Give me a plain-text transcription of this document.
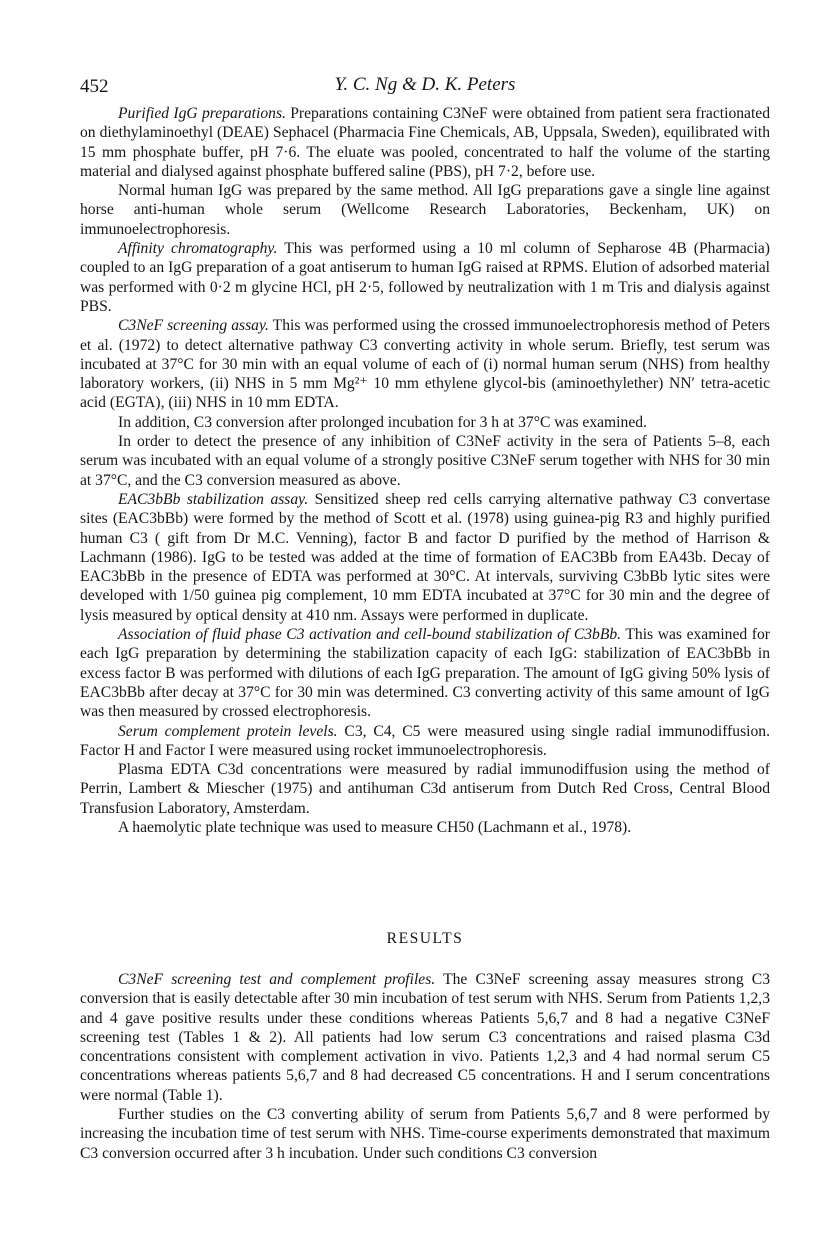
452	Y. C. Ng & D. K. Peters

Purified IgG preparations. Preparations containing C3NeF were obtained from patient sera fractionated on diethylaminoethyl (DEAE) Sephacel (Pharmacia Fine Chemicals, AB, Uppsala, Sweden), equilibrated with 15 mm phosphate buffer, pH 7·6. The eluate was pooled, concentrated to half the volume of the starting material and dialysed against phosphate buffered saline (PBS), pH 7·2, before use.

Normal human IgG was prepared by the same method. All IgG preparations gave a single line against horse anti-human whole serum (Wellcome Research Laboratories, Beckenham, UK) on immunoelectrophoresis.

Affinity chromatography. This was performed using a 10 ml column of Sepharose 4B (Pharmacia) coupled to an IgG preparation of a goat antiserum to human IgG raised at RPMS. Elution of adsorbed material was performed with 0·2 m glycine HCl, pH 2·5, followed by neutralization with 1 m Tris and dialysis against PBS.

C3NeF screening assay. This was performed using the crossed immunoelectrophoresis method of Peters et al. (1972) to detect alternative pathway C3 converting activity in whole serum. Briefly, test serum was incubated at 37°C for 30 min with an equal volume of each of (i) normal human serum (NHS) from healthy laboratory workers, (ii) NHS in 5 mm Mg²⁺ 10 mm ethylene glycol-bis (aminoethylether) NN′ tetra-acetic acid (EGTA), (iii) NHS in 10 mm EDTA.

In addition, C3 conversion after prolonged incubation for 3 h at 37°C was examined.

In order to detect the presence of any inhibition of C3NeF activity in the sera of Patients 5–8, each serum was incubated with an equal volume of a strongly positive C3NeF serum together with NHS for 30 min at 37°C, and the C3 conversion measured as above.

EAC3bBb stabilization assay. Sensitized sheep red cells carrying alternative pathway C3 convertase sites (EAC3bBb) were formed by the method of Scott et al. (1978) using guinea-pig R3 and highly purified human C3 ( gift from Dr M.C. Venning), factor B and factor D purified by the method of Harrison & Lachmann (1986). IgG to be tested was added at the time of formation of EAC3Bb from EA43b. Decay of EAC3bBb in the presence of EDTA was performed at 30°C. At intervals, surviving C3bBb lytic sites were developed with 1/50 guinea pig complement, 10 mm EDTA incubated at 37°C for 30 min and the degree of lysis measured by optical density at 410 nm. Assays were performed in duplicate.

Association of fluid phase C3 activation and cell-bound stabilization of C3bBb. This was examined for each IgG preparation by determining the stabilization capacity of each IgG: stabilization of EAC3bBb in excess factor B was performed with dilutions of each IgG preparation. The amount of IgG giving 50% lysis of EAC3bBb after decay at 37°C for 30 min was determined. C3 converting activity of this same amount of IgG was then measured by crossed electrophoresis.

Serum complement protein levels. C3, C4, C5 were measured using single radial immunodiffusion. Factor H and Factor I were measured using rocket immunoelectrophoresis.

Plasma EDTA C3d concentrations were measured by radial immunodiffusion using the method of Perrin, Lambert & Miescher (1975) and antihuman C3d antiserum from Dutch Red Cross, Central Blood Transfusion Laboratory, Amsterdam.

A haemolytic plate technique was used to measure CH50 (Lachmann et al., 1978).

RESULTS

C3NeF screening test and complement profiles. The C3NeF screening assay measures strong C3 conversion that is easily detectable after 30 min incubation of test serum with NHS. Serum from Patients 1,2,3 and 4 gave positive results under these conditions whereas Patients 5,6,7 and 8 had a negative C3NeF screening test (Tables 1 & 2). All patients had low serum C3 concentrations and raised plasma C3d concentrations consistent with complement activation in vivo. Patients 1,2,3 and 4 had normal serum C5 concentrations whereas patients 5,6,7 and 8 had decreased C5 concentrations. H and I serum concentrations were normal (Table 1).

Further studies on the C3 converting ability of serum from Patients 5,6,7 and 8 were performed by increasing the incubation time of test serum with NHS. Time-course experiments demonstrated that maximum C3 conversion occurred after 3 h incubation. Under such conditions C3 conversion
